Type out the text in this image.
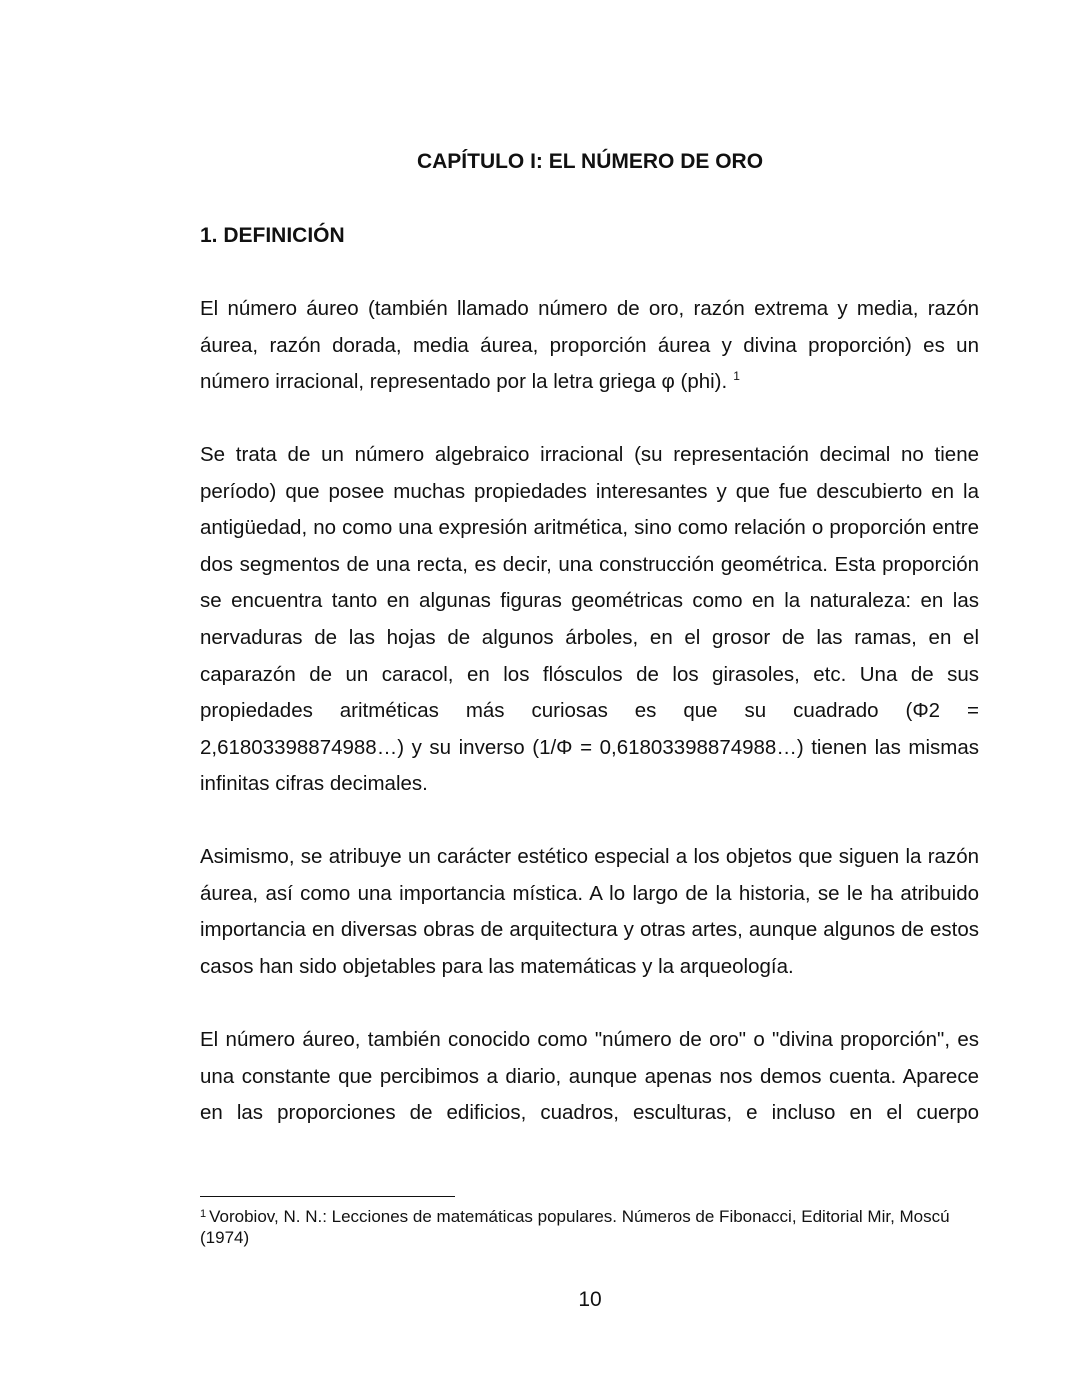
CAPÍTULO I: EL NÚMERO DE ORO
1. DEFINICIÓN

El número áureo (también llamado número de oro, razón extrema y media, razón áurea, razón dorada, media áurea, proporción áurea y divina proporción) es un número irracional, representado por la letra griega φ (phi). $^1$

Se trata de un número algebraico irracional (su representación decimal no tiene período) que posee muchas propiedades interesantes y que fue descubierto en la antigüedad, no como una expresión aritmética, sino como relación o proporción entre dos segmentos de una recta, es decir, una construcción geométrica. Esta proporción se encuentra tanto en algunas figuras geométricas como en la naturaleza: en las nervaduras de las hojas de algunos árboles, en el grosor de las ramas, en el caparazón de un caracol, en los flósculos de los girasoles, etc. Una de sus propiedades aritméticas más curiosas es que su cuadrado (Φ2 = 2,61803398874988…) y su inverso (1/Φ = 0,61803398874988…) tienen las mismas infinitas cifras decimales.

Asimismo, se atribuye un carácter estético especial a los objetos que siguen la razón áurea, así como una importancia mística. A lo largo de la historia, se le ha atribuido importancia en diversas obras de arquitectura y otras artes, aunque algunos de estos casos han sido objetables para las matemáticas y la arqueología.

El número áureo, también conocido como "número de oro" o "divina proporción", es una constante que percibimos a diario, aunque apenas nos demos cuenta. Aparece en las proporciones de edificios, cuadros, esculturas, e incluso en el cuerpo

$^1$ Vorobiov, N. N.: Lecciones de matemáticas populares. Números de Fibonacci, Editorial Mir, Moscú (1974)

10
